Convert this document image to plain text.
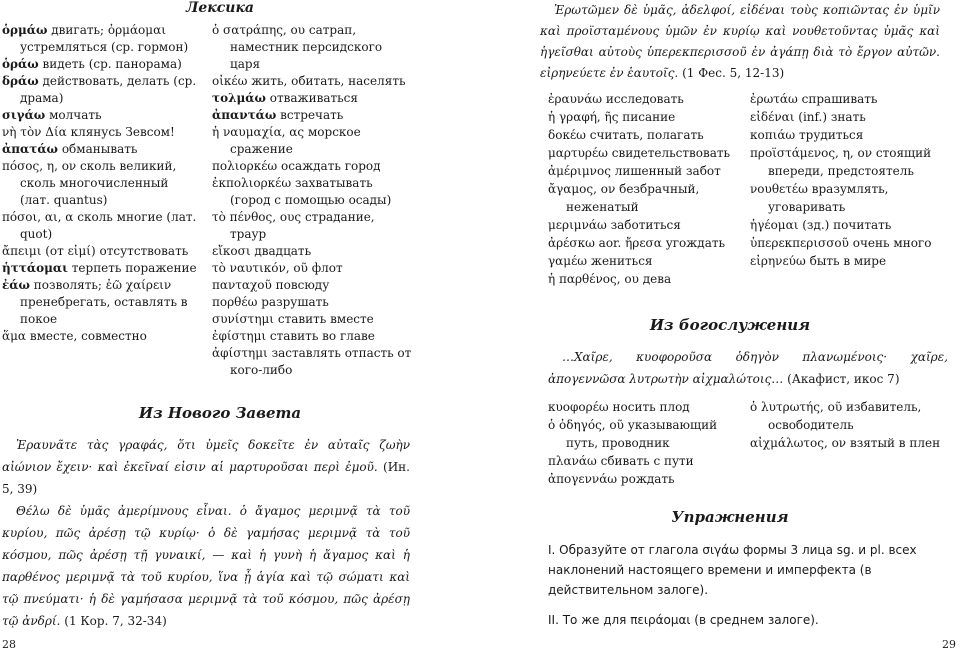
Лексика

ὁρμάω двигать; ὁρμάομαι устремляться (ср. гормон)

ὁράω видеть (ср. панорама)

δράω действовать, делать (ср. драма)

σιγάω молчать

νὴ τὸν Δία клянусь Зевсом!

ἀπατάω обманывать

πόσος, η, ον сколь великий, сколь многочисленный (лат. quantus)

πόσοι, αι, α сколь многие (лат. quot)

ἄπειμι (от εἰμί) отсутствовать

ἡττάομαι терпеть поражение

ἐάω позволять; ἐῶ χαίρειν пренебрегать, оставлять в покое

ἅμα вместе, совместно

ὁ σατράπης, ου сатрап, наместник персидского царя

οἰκέω жить, обитать, населять

τολμάω отваживаться

ἀπαντάω встречать

ἡ ναυμαχία, ας морское сражение

πολιορκέω осаждать город

ἐκπολιορκέω захватывать (город с помощью осады)

τὸ πένθος, ους страдание, траур

εἴκοσι двадцать

τὸ ναυτικόν, οῦ флот

πανταχοῦ повсюду

πορθέω разрушать

συνίστημι ставить вместе

ἐφίστημι ставить во главе

ἀφίστημι заставлять отпасть от кого-либо

Из Нового Завета

Ἐραυνᾶτε τὰς γραφάς, ὅτι ὑμεῖς δοκεῖτε ἐν αὐταῖς ζωὴν αἰώνιον ἔχειν· καὶ ἐκεῖναί εἰσιν αἱ μαρτυροῦσαι περὶ ἐμοῦ. (Ин. 5, 39)

Θέλω δὲ ὑμᾶς ἀμερίμνους εἶναι. ὁ ἄγαμος μεριμνᾷ τὰ τοῦ κυρίου, πῶς ἀρέσῃ τῷ κυρίῳ· ὁ δὲ γαμήσας μεριμνᾷ τὰ τοῦ κόσμου, πῶς ἀρέσῃ τῇ γυναικί, — καὶ ἡ γυνὴ ἡ ἄγαμος καὶ ἡ παρθένος μεριμνᾷ τὰ τοῦ κυρίου, ἵνα ᾖ ἁγία καὶ τῷ σώματι καὶ τῷ πνεύματι· ἡ δὲ γαμήσασα μεριμνᾷ τὰ τοῦ κόσμου, πῶς ἀρέσῃ τῷ ἀνδρί. (1 Кор. 7, 32-34)

28

Ἐρωτῶμεν δὲ ὑμᾶς, ἀδελφοί, εἰδέναι τοὺς κοπιῶντας ἐν ὑμῖν καὶ προϊσταμένους ὑμῶν ἐν κυρίῳ καὶ νουθετοῦντας ὑμᾶς καὶ ἡγεῖσθαι αὐτοὺς ὑπερεκπερισσοῦ ἐν ἀγάπῃ διὰ τὸ ἔργον αὐτῶν. εἰρηνεύετε ἐν ἑαυτοῖς. (1 Фес. 5, 12-13)

ἐραυνάω исследовать

ἡ γραφή, ῆς писание

δοκέω считать, полагать

μαρτυρέω свидетельствовать

ἀμέριμνος лишенный забот

ἄγαμος, ον безбрачный, неженатый

μεριμνάω заботиться

ἀρέσκω aor. ἤρεσα угождать

γαμέω жениться

ἡ παρθένος, ου дева

ἐρωτάω спрашивать

εἰδέναι (inf.) знать

κοπιάω трудиться

προϊστάμενος, η, ον стоящий впереди, предстоятель

νουθετέω вразумлять, уговаривать

ἡγέομαι (зд.) почитать

ὑπερεκπερισσοῦ очень много

εἰρηνεύω быть в мире

Из богослужения

…Χαῖρε, κυοφοροῦσα ὁδηγὸν πλανωμένοις· χαῖρε, ἀπογεννῶσα λυτρωτὴν αἰχμαλώτοις… (Акафист, икос 7)

κυοφορέω носить плод

ὁ ὁδηγός, οῦ указывающий путь, проводник

πλανάω сбивать с пути

ἀπογεννάω рождать

ὁ λυτρωτής, οῦ избавитель, освободитель

αἰχμάλωτος, ον взятый в плен

Упражнения

I. Образуйте от глагола σιγάω формы 3 лица sg. и pl. всех наклонений настоящего времени и имперфекта (в действительном залоге).

II. То же для πειράομαι (в среднем залоге).

29
